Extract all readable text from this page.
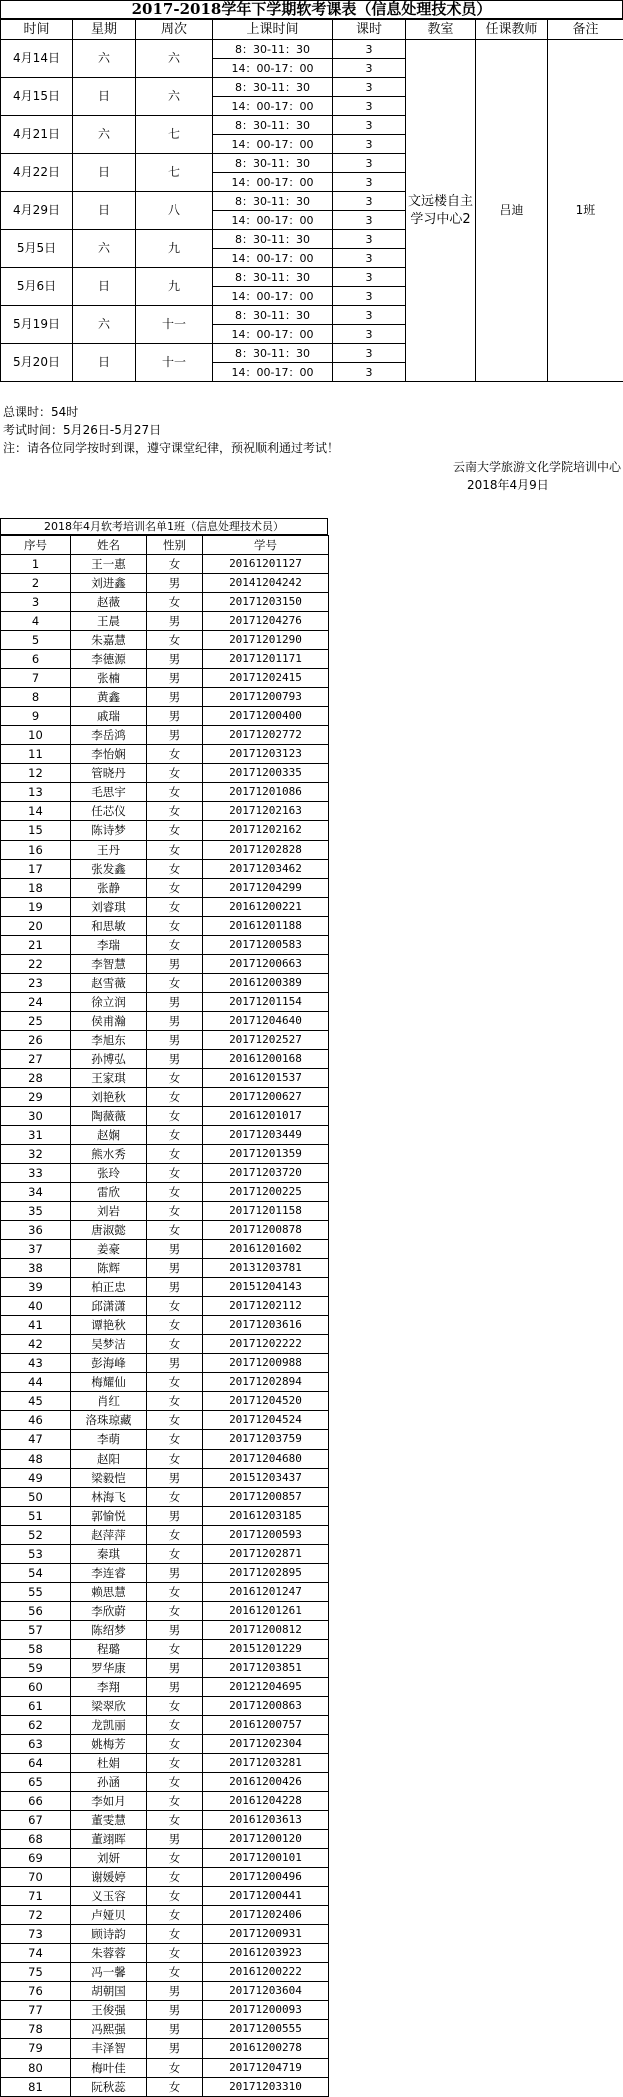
2017-2018学年下学期软考课表（信息处理技术员）
时间	星期	周次	上课时间	课时	教室	任课教师	备注
4月14日	六	六	8：30-11：30	3	文远楼自主学习中心2	吕迪	1班
			14：00-17：00	3			
4月15日	日	六	8：30-11：30	3			
			14：00-17：00	3			
4月21日	六	七	8：30-11：30	3			
			14：00-17：00	3			
4月22日	日	七	8：30-11：30	3			
			14：00-17：00	3			
4月29日	日	八	8：30-11：30	3			
			14：00-17：00	3			
5月5日	六	九	8：30-11：30	3			
			14：00-17：00	3			
5月6日	日	九	8：30-11：30	3			
			14：00-17：00	3			
5月19日	六	十一	8：30-11：30	3			
			14：00-17：00	3			
5月20日	日	十一	8：30-11：30	3			
			14：00-17：00	3			
总课时：54时
考试时间：5月26日-5月27日
注：请各位同学按时到课，遵守课堂纪律，预祝顺利通过考试！
云南大学旅游文化学院培训中心
2018年4月9日
2018年4月软考培训名单1班（信息处理技术员）
序号	姓名	性别	学号
1	王一惠	女	20161201127
2	刘进鑫	男	20141204242
3	赵薇	女	20171203150
4	王晨	男	20171204276
5	朱嘉慧	女	20171201290
6	李德源	男	20171201171
7	张楠	男	20171202415
8	黄鑫	男	20171200793
9	戚瑞	男	20171200400
10	李岳鸿	男	20171202772
11	李怡娴	女	20171203123
12	管晓丹	女	20171200335
13	毛思宇	女	20171201086
14	任芯仪	女	20171202163
15	陈诗梦	女	20171202162
16	王丹	女	20171202828
17	张发鑫	女	20171203462
18	张静	女	20171204299
19	刘睿琪	女	20161200221
20	和思敏	女	20161201188
21	李瑞	女	20171200583
22	李智慧	男	20171200663
23	赵雪薇	女	20161200389
24	徐立润	男	20171201154
25	侯甫瀚	男	20171204640
26	李旭东	男	20171202527
27	孙博弘	男	20161200168
28	王家琪	女	20161201537
29	刘艳秋	女	20171200627
30	陶薇薇	女	20161201017
31	赵娴	女	20171203449
32	熊水秀	女	20171201359
33	张玲	女	20171203720
34	雷欣	女	20171200225
35	刘岩	女	20171201158
36	唐淑懿	女	20171200878
37	姜豪	男	20161201602
38	陈辉	男	20131203781
39	柏正忠	男	20151204143
40	邱潇潇	女	20171202112
41	谭艳秋	女	20171203616
42	吴梦洁	女	20171202222
43	彭海峰	男	20171200988
44	梅耀仙	女	20171202894
45	肖红	女	20171204520
46	洛珠琼藏	女	20171204524
47	李萌	女	20171203759
48	赵阳	女	20171204680
49	梁毅恺	男	20151203437
50	林海飞	女	20171200857
51	郭愉悦	男	20161203185
52	赵萍萍	女	20171200593
53	秦琪	女	20171202871
54	李连睿	男	20171202895
55	赖思慧	女	20161201247
56	李欣蔚	女	20161201261
57	陈绍梦	男	20171200812
58	程璐	女	20151201229
59	罗华康	男	20171203851
60	李翔	男	20121204695
61	梁翠欣	女	20171200863
62	龙凯丽	女	20161200757
63	姚梅芳	女	20171202304
64	杜娟	女	20171203281
65	孙涵	女	20161200426
66	李如月	女	20161204228
67	董雯慧	女	20161203613
68	董翊晖	男	20171200120
69	刘妍	女	20171200101
70	谢媛婷	女	20171200496
71	义玉容	女	20171200441
72	卢娅贝	女	20171202406
73	顾诗韵	女	20171200931
74	朱蓉蓉	女	20161203923
75	冯一馨	女	20161200222
76	胡朝国	男	20171203604
77	王俊强	男	20171200093
78	冯熙强	男	20171200555
79	丰泽智	男	20161200278
80	梅叶佳	女	20171204719
81	阮秋蕊	女	20171203310
